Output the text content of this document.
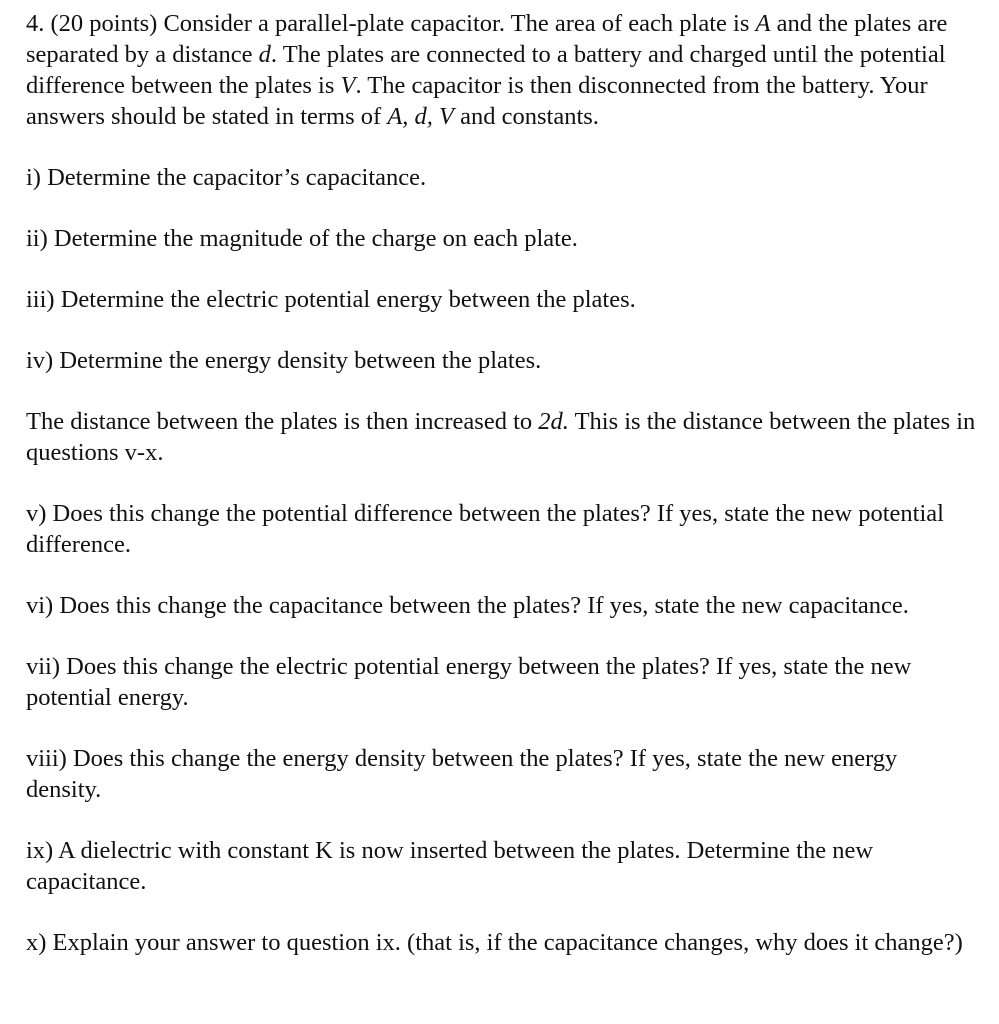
4. (20 points) Consider a parallel-plate capacitor. The area of each plate is A and the plates are separated by a distance d. The plates are connected to a battery and charged until the potential difference between the plates is V. The capacitor is then disconnected from the battery. Your answers should be stated in terms of A, d, V and constants.

i) Determine the capacitor’s capacitance.

ii) Determine the magnitude of the charge on each plate.

iii) Determine the electric potential energy between the plates.

iv) Determine the energy density between the plates.

The distance between the plates is then increased to 2d. This is the distance between the plates in questions v-x.

v) Does this change the potential difference between the plates? If yes, state the new potential difference.

vi) Does this change the capacitance between the plates? If yes, state the new capacitance.

vii) Does this change the electric potential energy between the plates? If yes, state the new potential energy.

viii) Does this change the energy density between the plates? If yes, state the new energy density.

ix) A dielectric with constant K is now inserted between the plates. Determine the new capacitance.

x) Explain your answer to question ix. (that is, if the capacitance changes, why does it change?)
